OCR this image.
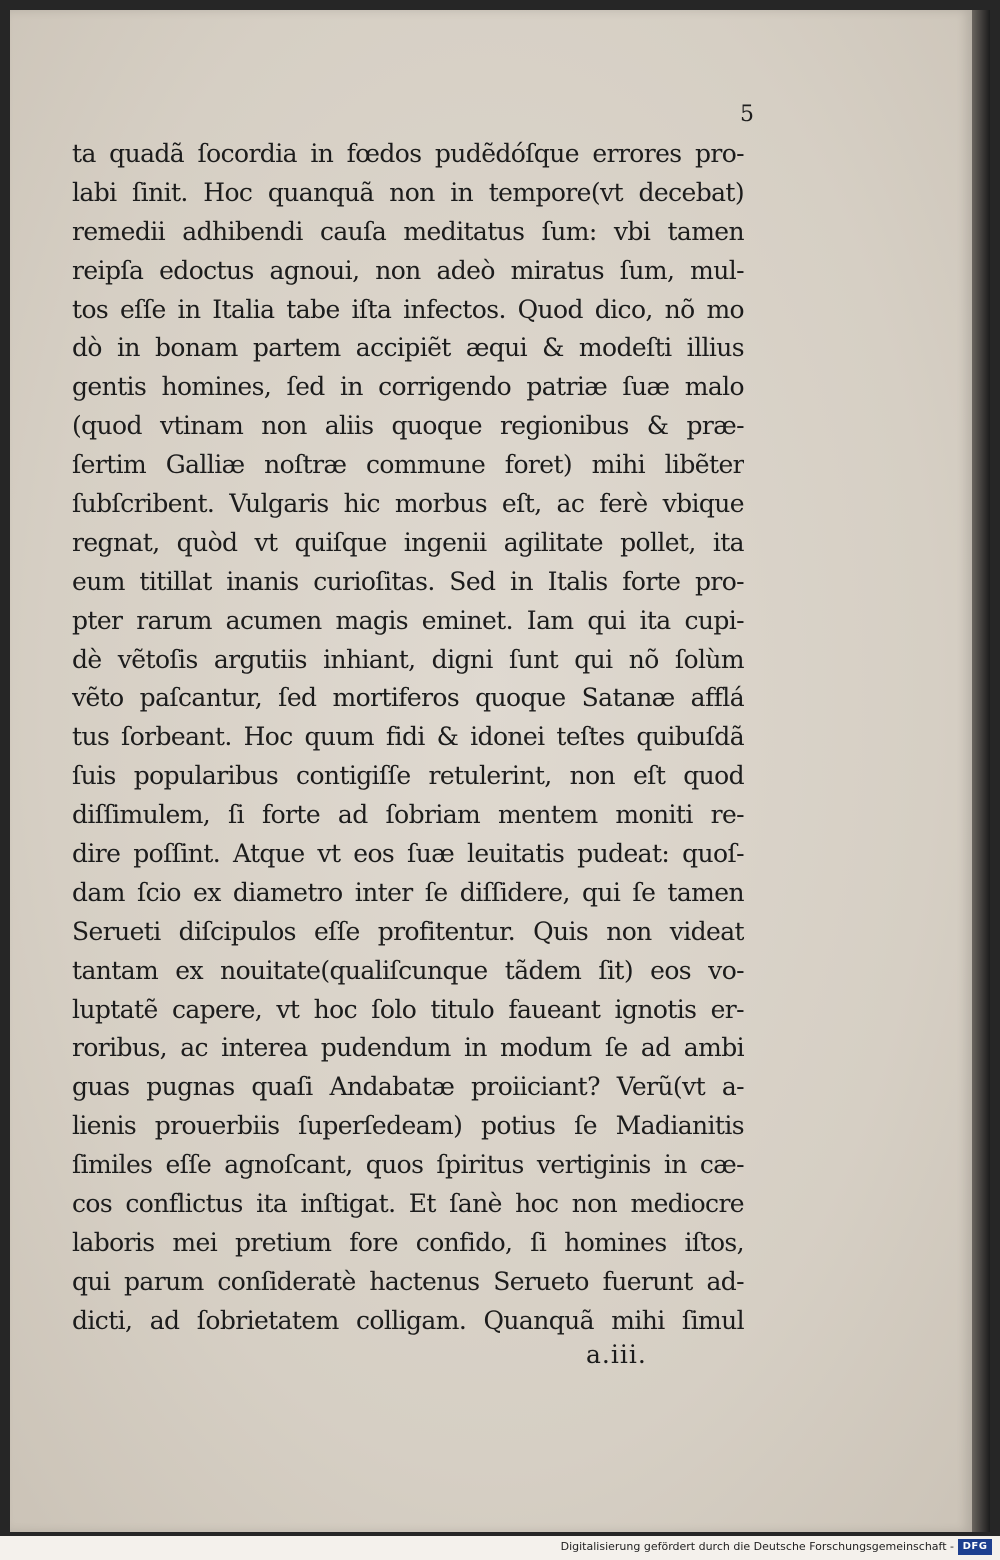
5
ta quadã ſocordia in fœdos pudẽdóſque errores pro-
labi ſinit. Hoc quanquã non in tempore(vt decebat)
remedii adhibendi cauſa meditatus ſum: vbi tamen
reipſa edoctus agnoui, non adeò miratus ſum, mul-
tos eſſe in Italia tabe iſta infectos. Quod dico, nõ mo
dò in bonam partem accipiẽt æqui & modeſti illius
gentis homines, ſed in corrigendo patriæ ſuæ malo
(quod vtinam non aliis quoque regionibus & præ-
ſertim Galliæ noſtræ commune foret) mihi libẽter
ſubſcribent. Vulgaris hic morbus eſt, ac ferè vbique
regnat, quòd vt quiſque ingenii agilitate pollet, ita
eum titillat inanis curioſitas. Sed in Italis forte pro-
pter rarum acumen magis eminet. Iam qui ita cupi-
dè vẽtoſis argutiis inhiant, digni ſunt qui nõ ſolùm
vẽto paſcantur, ſed mortiferos quoque Satanæ afflá
tus ſorbeant. Hoc quum fidi & idonei teſtes quibuſdã
ſuis popularibus contigiſſe retulerint, non eſt quod
diſſimulem, ſi forte ad ſobriam mentem moniti re-
dire poſſint. Atque vt eos ſuæ leuitatis pudeat: quoſ-
dam ſcio ex diametro inter ſe diſſidere, qui ſe tamen
Serueti diſcipulos eſſe profitentur. Quis non videat
tantam ex nouitate(qualiſcunque tãdem ſit) eos vo-
luptatẽ capere, vt hoc ſolo titulo faueant ignotis er-
roribus, ac interea pudendum in modum ſe ad ambi
guas pugnas quaſi Andabatæ proiiciant? Verũ(vt a-
lienis prouerbiis ſuperſedeam) potius ſe Madianitis
ſimiles eſſe agnoſcant, quos ſpiritus vertiginis in cæ-
cos conflictus ita inſtigat. Et ſanè hoc non mediocre
laboris mei pretium fore confido, ſi homines iſtos,
qui parum conſideratè hactenus Serueto fuerunt ad-
dicti, ad ſobrietatem colligam. Quanquã mihi ſimul
a.iii.
Digitalisierung gefördert durch die Deutsche Forschungsgemeinschaft - DFG
